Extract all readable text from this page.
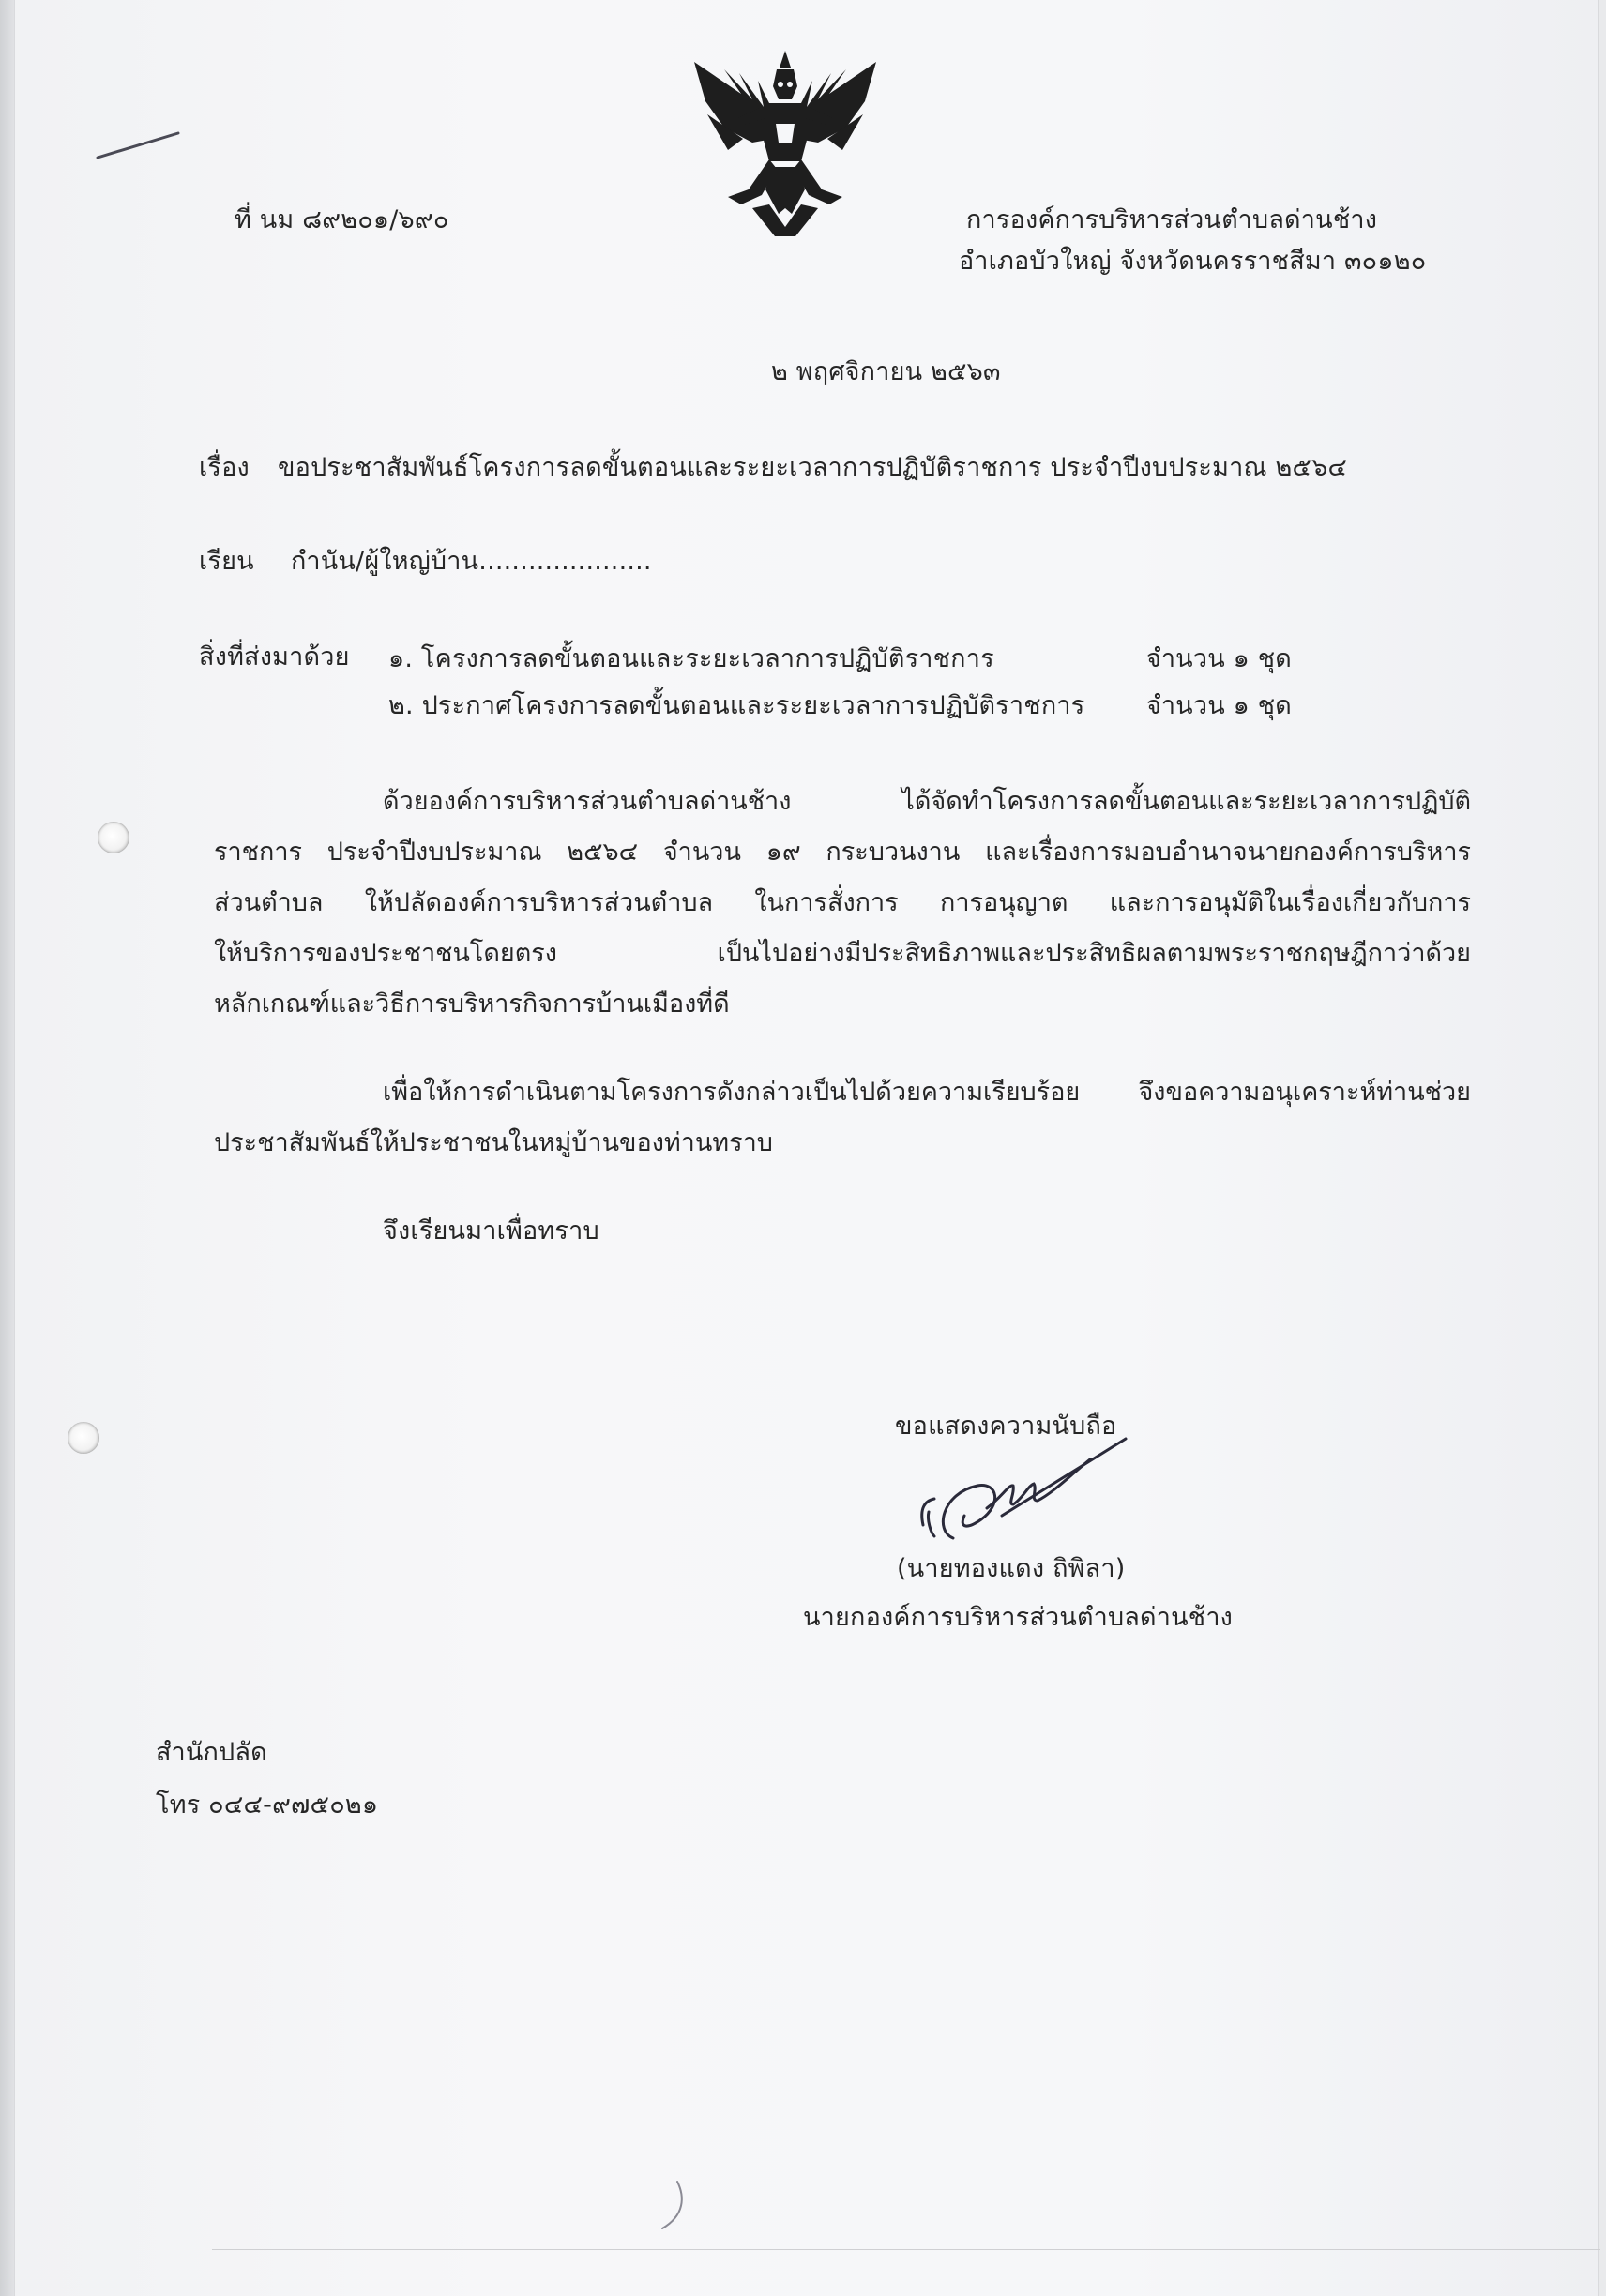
ที่ นม ๘๙๒๐๑/๖๙๐	การองค์การบริหารส่วนตำบลด่านช้าง
อำเภอบัวใหญ่ จังหวัดนครราชสีมา ๓๐๑๒๐
๒ พฤศจิกายน ๒๕๖๓
เรื่อง ขอประชาสัมพันธ์โครงการลดขั้นตอนและระยะเวลาการปฏิบัติราชการ ประจำปีงบประมาณ ๒๕๖๔
เรียน กำนัน/ผู้ใหญ่บ้าน.....................
สิ่งที่ส่งมาด้วย ๑. โครงการลดขั้นตอนและระยะเวลาการปฏิบัติราชการ	จำนวน ๑ ชุด
๒. ประกาศโครงการลดขั้นตอนและระยะเวลาการปฏิบัติราชการ จำนวน ๑ ชุด
ด้วยองค์การบริหารส่วนตำบลด่านช้าง ได้จัดทำโครงการลดขั้นตอนและระยะเวลาการปฏิบัติ
ราชการ ประจำปีงบประมาณ ๒๕๖๔ จำนวน ๑๙ กระบวนงาน และเรื่องการมอบอำนาจนายกองค์การบริหาร
ส่วนตำบล ให้ปลัดองค์การบริหารส่วนตำบล ในการสั่งการ การอนุญาต และการอนุมัติในเรื่องเกี่ยวกับการ
ให้บริการของประชาชนโดยตรง เป็นไปอย่างมีประสิทธิภาพและประสิทธิผลตามพระราชกฤษฎีกาว่าด้วย
หลักเกณฑ์และวิธีการบริหารกิจการบ้านเมืองที่ดี
เพื่อให้การดำเนินตามโครงการดังกล่าวเป็นไปด้วยความเรียบร้อย จึงขอความอนุเคราะห์ท่านช่วย
ประชาสัมพันธ์ให้ประชาชนในหมู่บ้านของท่านทราบ
จึงเรียนมาเพื่อทราบ
ขอแสดงความนับถือ
(นายทองแดง ถิพิลา)
นายกองค์การบริหารส่วนตำบลด่านช้าง
สำนักปลัด
โทร ๐๔๔-๙๗๕๐๒๑
